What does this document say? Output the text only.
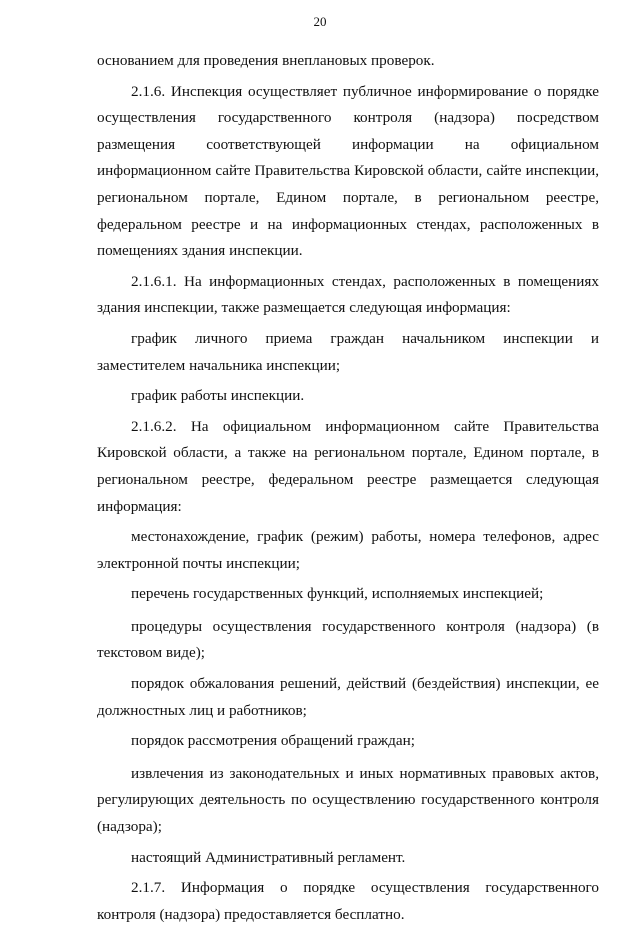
20

основанием для проведения внеплановых проверок.

2.1.6. Инспекция осуществляет публичное информирование о порядке осуществления государственного контроля (надзора) посредством размещения соответствующей информации на официальном информационном сайте Правительства Кировской области, сайте инспекции, региональном портале, Едином портале, в региональном реестре, федеральном реестре и на информационных стендах, расположенных в помещениях здания инспекции.

2.1.6.1. На информационных стендах, расположенных в помещениях здания инспекции, также размещается следующая информация:

график личного приема граждан начальником инспекции и заместителем начальника инспекции;

график работы инспекции.

2.1.6.2. На официальном информационном сайте Правительства Кировской области, а также на региональном портале, Едином портале, в региональном реестре, федеральном реестре размещается следующая информация:

местонахождение, график (режим) работы, номера телефонов, адрес электронной почты инспекции;

перечень государственных функций, исполняемых инспекцией;

процедуры осуществления государственного контроля (надзора) (в текстовом виде);

порядок обжалования решений, действий (бездействия) инспекции, ее должностных лиц и работников;

порядок рассмотрения обращений граждан;

извлечения из законодательных и иных нормативных правовых актов, регулирующих деятельность по осуществлению государственного контроля (надзора);

настоящий Административный регламент.

2.1.7. Информация о порядке осуществления государственного контроля (надзора) предоставляется бесплатно.
